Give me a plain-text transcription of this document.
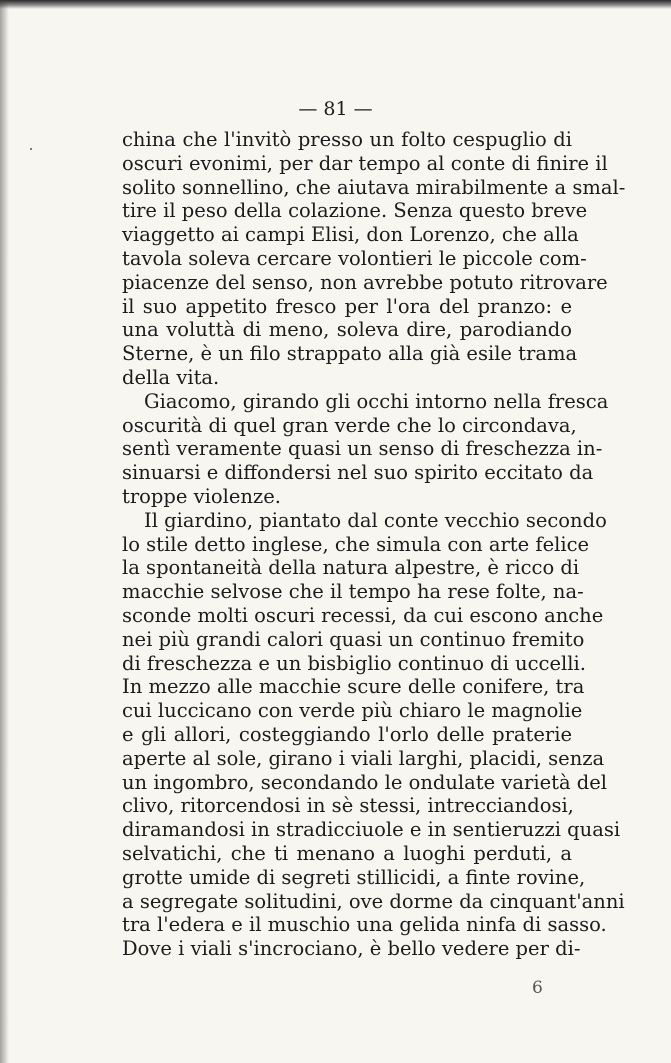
— 81 —
china che l'invitò presso un folto cespuglio di
oscuri evonimi, per dar tempo al conte di finire il
solito sonnellino, che aiutava mirabilmente a smal-
tire il peso della colazione. Senza questo breve
viaggetto ai campi Elisi, don Lorenzo, che alla
tavola soleva cercare volontieri le piccole com-
piacenze del senso, non avrebbe potuto ritrovare
il suo appetito fresco per l'ora del pranzo: e
una voluttà di meno, soleva dire, parodiando
Sterne, è un filo strappato alla già esile trama
della vita.
Giacomo, girando gli occhi intorno nella fresca
oscurità di quel gran verde che lo circondava,
sentì veramente quasi un senso di freschezza in-
sinuarsi e diffondersi nel suo spirito eccitato da
troppe violenze.
Il giardino, piantato dal conte vecchio secondo
lo stile detto inglese, che simula con arte felice
la spontaneità della natura alpestre, è ricco di
macchie selvose che il tempo ha rese folte, na-
sconde molti oscuri recessi, da cui escono anche
nei più grandi calori quasi un continuo fremito
di freschezza e un bisbiglio continuo di uccelli.
In mezzo alle macchie scure delle conifere, tra
cui luccicano con verde più chiaro le magnolie
e gli allori, costeggiando l'orlo delle praterie
aperte al sole, girano i viali larghi, placidi, senza
un ingombro, secondando le ondulate varietà del
clivo, ritorcendosi in sè stessi, intrecciandosi,
diramandosi in stradicciuole e in sentieruzzi quasi
selvatichi, che ti menano a luoghi perduti, a
grotte umide di segreti stillicidi, a finte rovine,
a segregate solitudini, ove dorme da cinquant'anni
tra l'edera e il muschio una gelida ninfa di sasso.
Dove i viali s'incrociano, è bello vedere per di-
6
